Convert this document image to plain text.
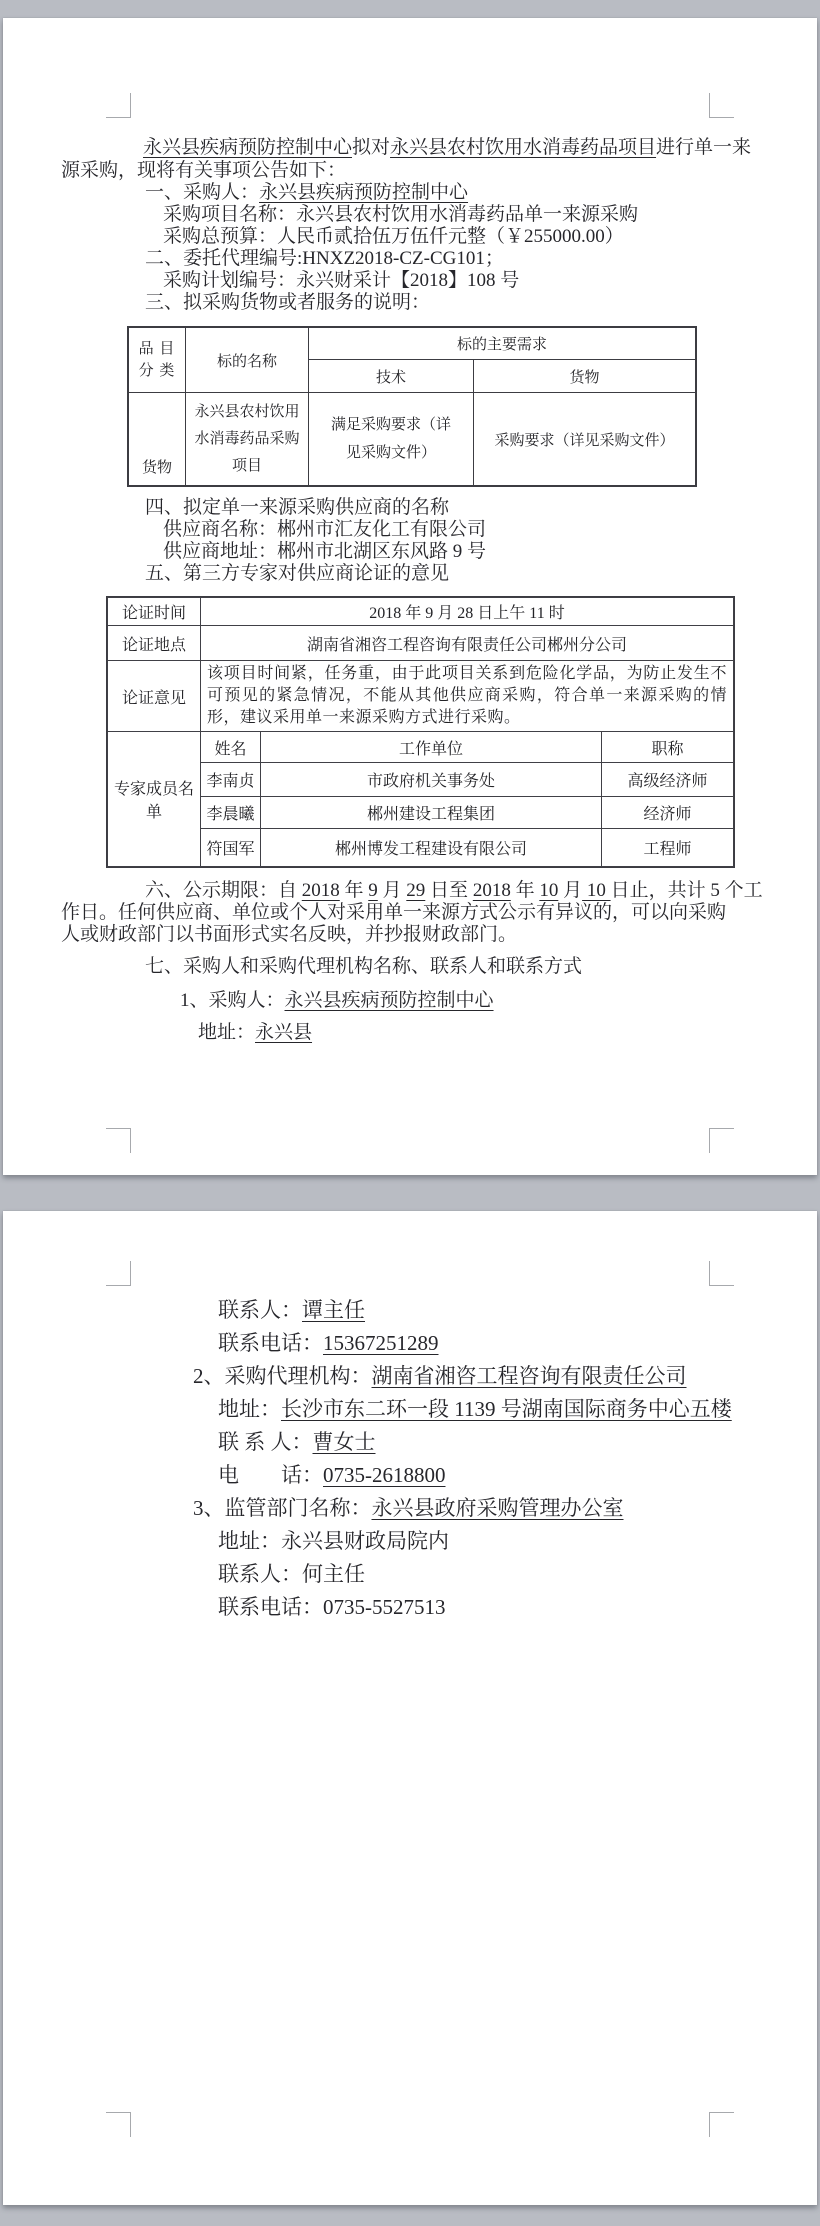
永兴县疾病预防控制中心拟对永兴县农村饮用水消毒药品项目进行单一来
源采购，现将有关事项公告如下：
一、采购人：永兴县疾病预防控制中心
采购项目名称：永兴县农村饮用水消毒药品单一来源采购
采购总预算：人民币贰拾伍万伍仟元整（￥255000.00）
二、委托代理编号:HNXZ2018-CZ-CG101；
采购计划编号：永兴财采计【2018】108 号
三、拟采购货物或者服务的说明：
品 目
分 类	标的名称	标的主要需求	
		技术	货物
货物	永兴县农村饮用水消毒药品采购项目	满足采购要求（详见采购文件）	采购要求（详见采购文件）
四、拟定单一来源采购供应商的名称
供应商名称：郴州市汇友化工有限公司
供应商地址：郴州市北湖区东风路 9 号
五、第三方专家对供应商论证的意见
论证时间	2018 年 9 月 28 日上午 11 时		
论证地点	湖南省湘咨工程咨询有限责任公司郴州分公司		
论证意见	该项目时间紧，任务重，由于此项目关系到危险化学品，为防止发生不可预见的紧急情况，不能从其他供应商采购，符合单一来源采购的情形，建议采用单一来源采购方式进行采购。		
专家成员名单	姓名	工作单位	职称
	李南贞	市政府机关事务处	高级经济师
	李晨曦	郴州建设工程集团	经济师
	符国军	郴州博发工程建设有限公司	工程师
六、公示期限：自 2018 年 9 月 29 日至 2018 年 10 月 10 日止，共计 5 个工
作日。任何供应商、单位或个人对采用单一来源方式公示有异议的，可以向采购
人或财政部门以书面形式实名反映，并抄报财政部门。
七、采购人和采购代理机构名称、联系人和联系方式
1、采购人：永兴县疾病预防控制中心
地址：永兴县
联系人：谭主任
联系电话：15367251289
2、采购代理机构：湖南省湘咨工程咨询有限责任公司
地址：长沙市东二环一段 1139 号湖南国际商务中心五楼
联 系 人：曹女士
电　　话：0735-2618800
3、监管部门名称：永兴县政府采购管理办公室
地址：永兴县财政局院内
联系人：何主任
联系电话：0735-5527513
